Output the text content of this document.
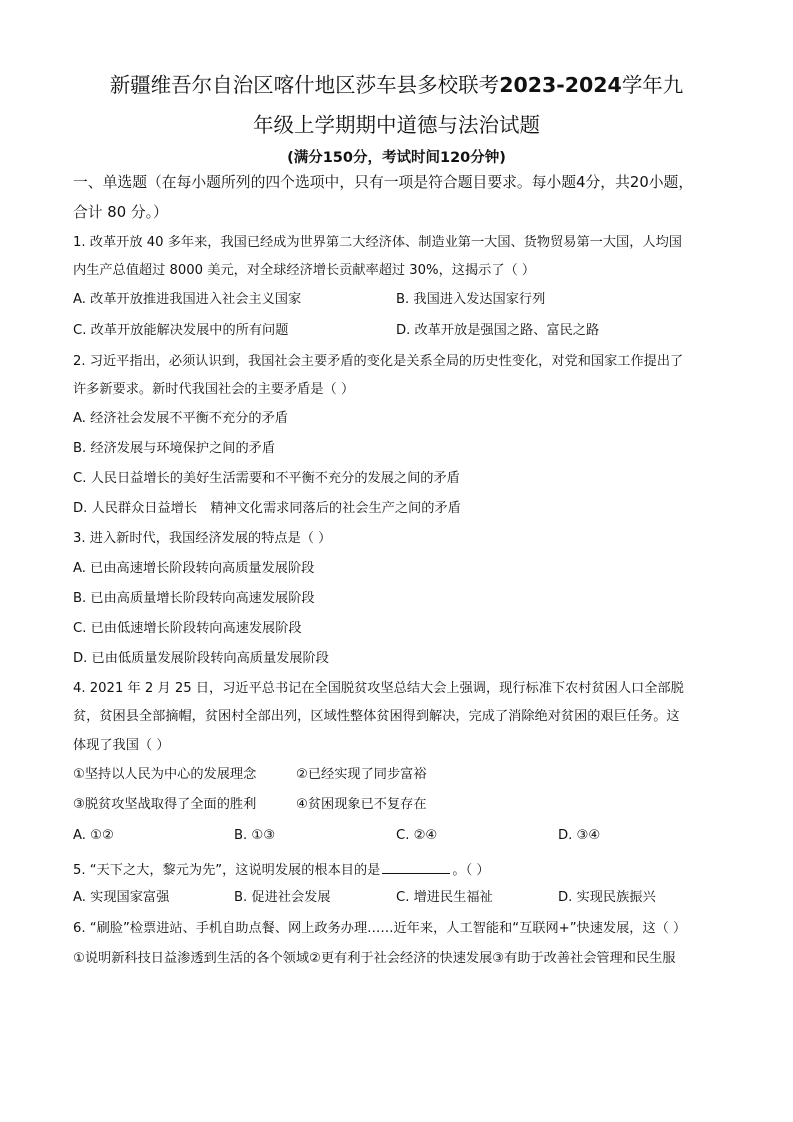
新疆维吾尔自治区喀什地区莎车县多校联考2023-2024学年九
年级上学期期中道德与法治试题
(满分150分，考试时间120分钟)
一、单选题（在每小题所列的四个选项中，只有一项是符合题目要求。每小题4分，共20小题，
合计 80 分。）
1. 改革开放 40 多年来，我国已经成为世界第二大经济体、制造业第一大国、货物贸易第一大国，人均国
内生产总值超过 8000 美元，对全球经济增长贡献率超过 30%，这揭示了（ ）
A. 改革开放推进我国进入社会主义国家	B. 我国进入发达国家行列
C. 改革开放能解决发展中的所有问题	D. 改革开放是强国之路、富民之路
2. 习近平指出，必须认识到，我国社会主要矛盾的变化是关系全局的历史性变化，对党和国家工作提出了
许多新要求。新时代我国社会的主要矛盾是（ ）
A. 经济社会发展不平衡不充分的矛盾
B. 经济发展与环境保护之间的矛盾
C. 人民日益增长的美好生活需要和不平衡不充分的发展之间的矛盾
D. 人民群众日益增长　精神文化需求同落后的社会生产之间的矛盾
3. 进入新时代，我国经济发展的特点是（ ）
A. 已由高速增长阶段转向高质量发展阶段
B. 已由高质量增长阶段转向高速发展阶段
C. 已由低速增长阶段转向高速发展阶段
D. 已由低质量发展阶段转向高质量发展阶段
4. 2021 年 2 月 25 日，习近平总书记在全国脱贫攻坚总结大会上强调，现行标准下农村贫困人口全部脱
贫，贫困县全部摘帽，贫困村全部出列，区域性整体贫困得到解决，完成了消除绝对贫困的艰巨任务。这
体现了我国（ ）
①坚持以人民为中心的发展理念	②已经实现了同步富裕
③脱贫攻坚战取得了全面的胜利	④贫困现象已不复存在
A. ①②	B. ①③	C. ②④	D. ③④
5. “天下之大，黎元为先”，这说明发展的根本目的是	。（ ）
A. 实现国家富强	B. 促进社会发展	C. 增进民生福祉	D. 实现民族振兴
6. “刷脸”检票进站、手机自助点餐、网上政务办理……近年来，人工智能和“互联网+”快速发展，这（ ）
①说明新科技日益渗透到生活的各个领域②更有利于社会经济的快速发展③有助于改善社会管理和民生服
